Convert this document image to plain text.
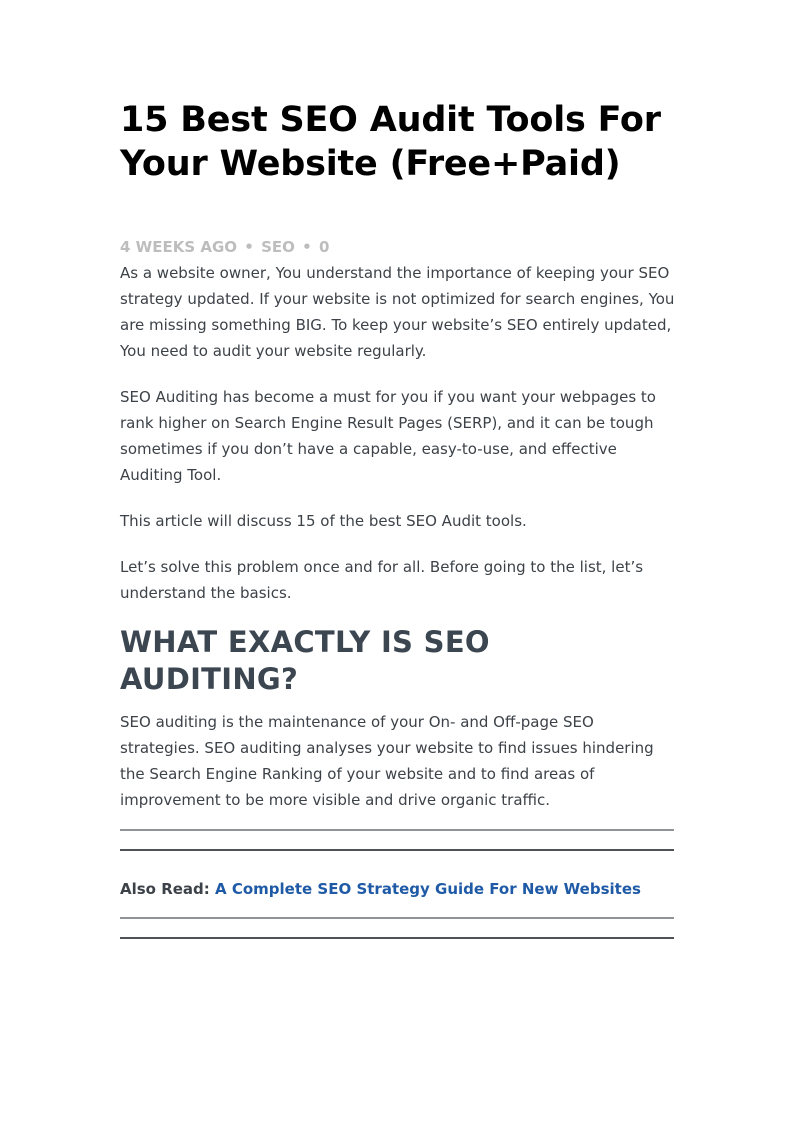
15 Best SEO Audit Tools For Your Website (Free+Paid)
4 WEEKS AGO • SEO • 0

As a website owner, You understand the importance of keeping your SEO strategy updated. If your website is not optimized for search engines, You are missing something BIG. To keep your website’s SEO entirely updated, You need to audit your website regularly.

SEO Auditing has become a must for you if you want your webpages to rank higher on Search Engine Result Pages (SERP), and it can be tough sometimes if you don’t have a capable, easy-to-use, and effective Auditing Tool.

This article will discuss 15 of the best SEO Audit tools.

Let’s solve this problem once and for all. Before going to the list, let’s understand the basics.

WHAT EXACTLY IS SEO AUDITING?

SEO auditing is the maintenance of your On- and Off-page SEO strategies. SEO auditing analyses your website to find issues hindering the Search Engine Ranking of your website and to find areas of improvement to be more visible and drive organic traffic.

Also Read: A Complete SEO Strategy Guide For New Websites
